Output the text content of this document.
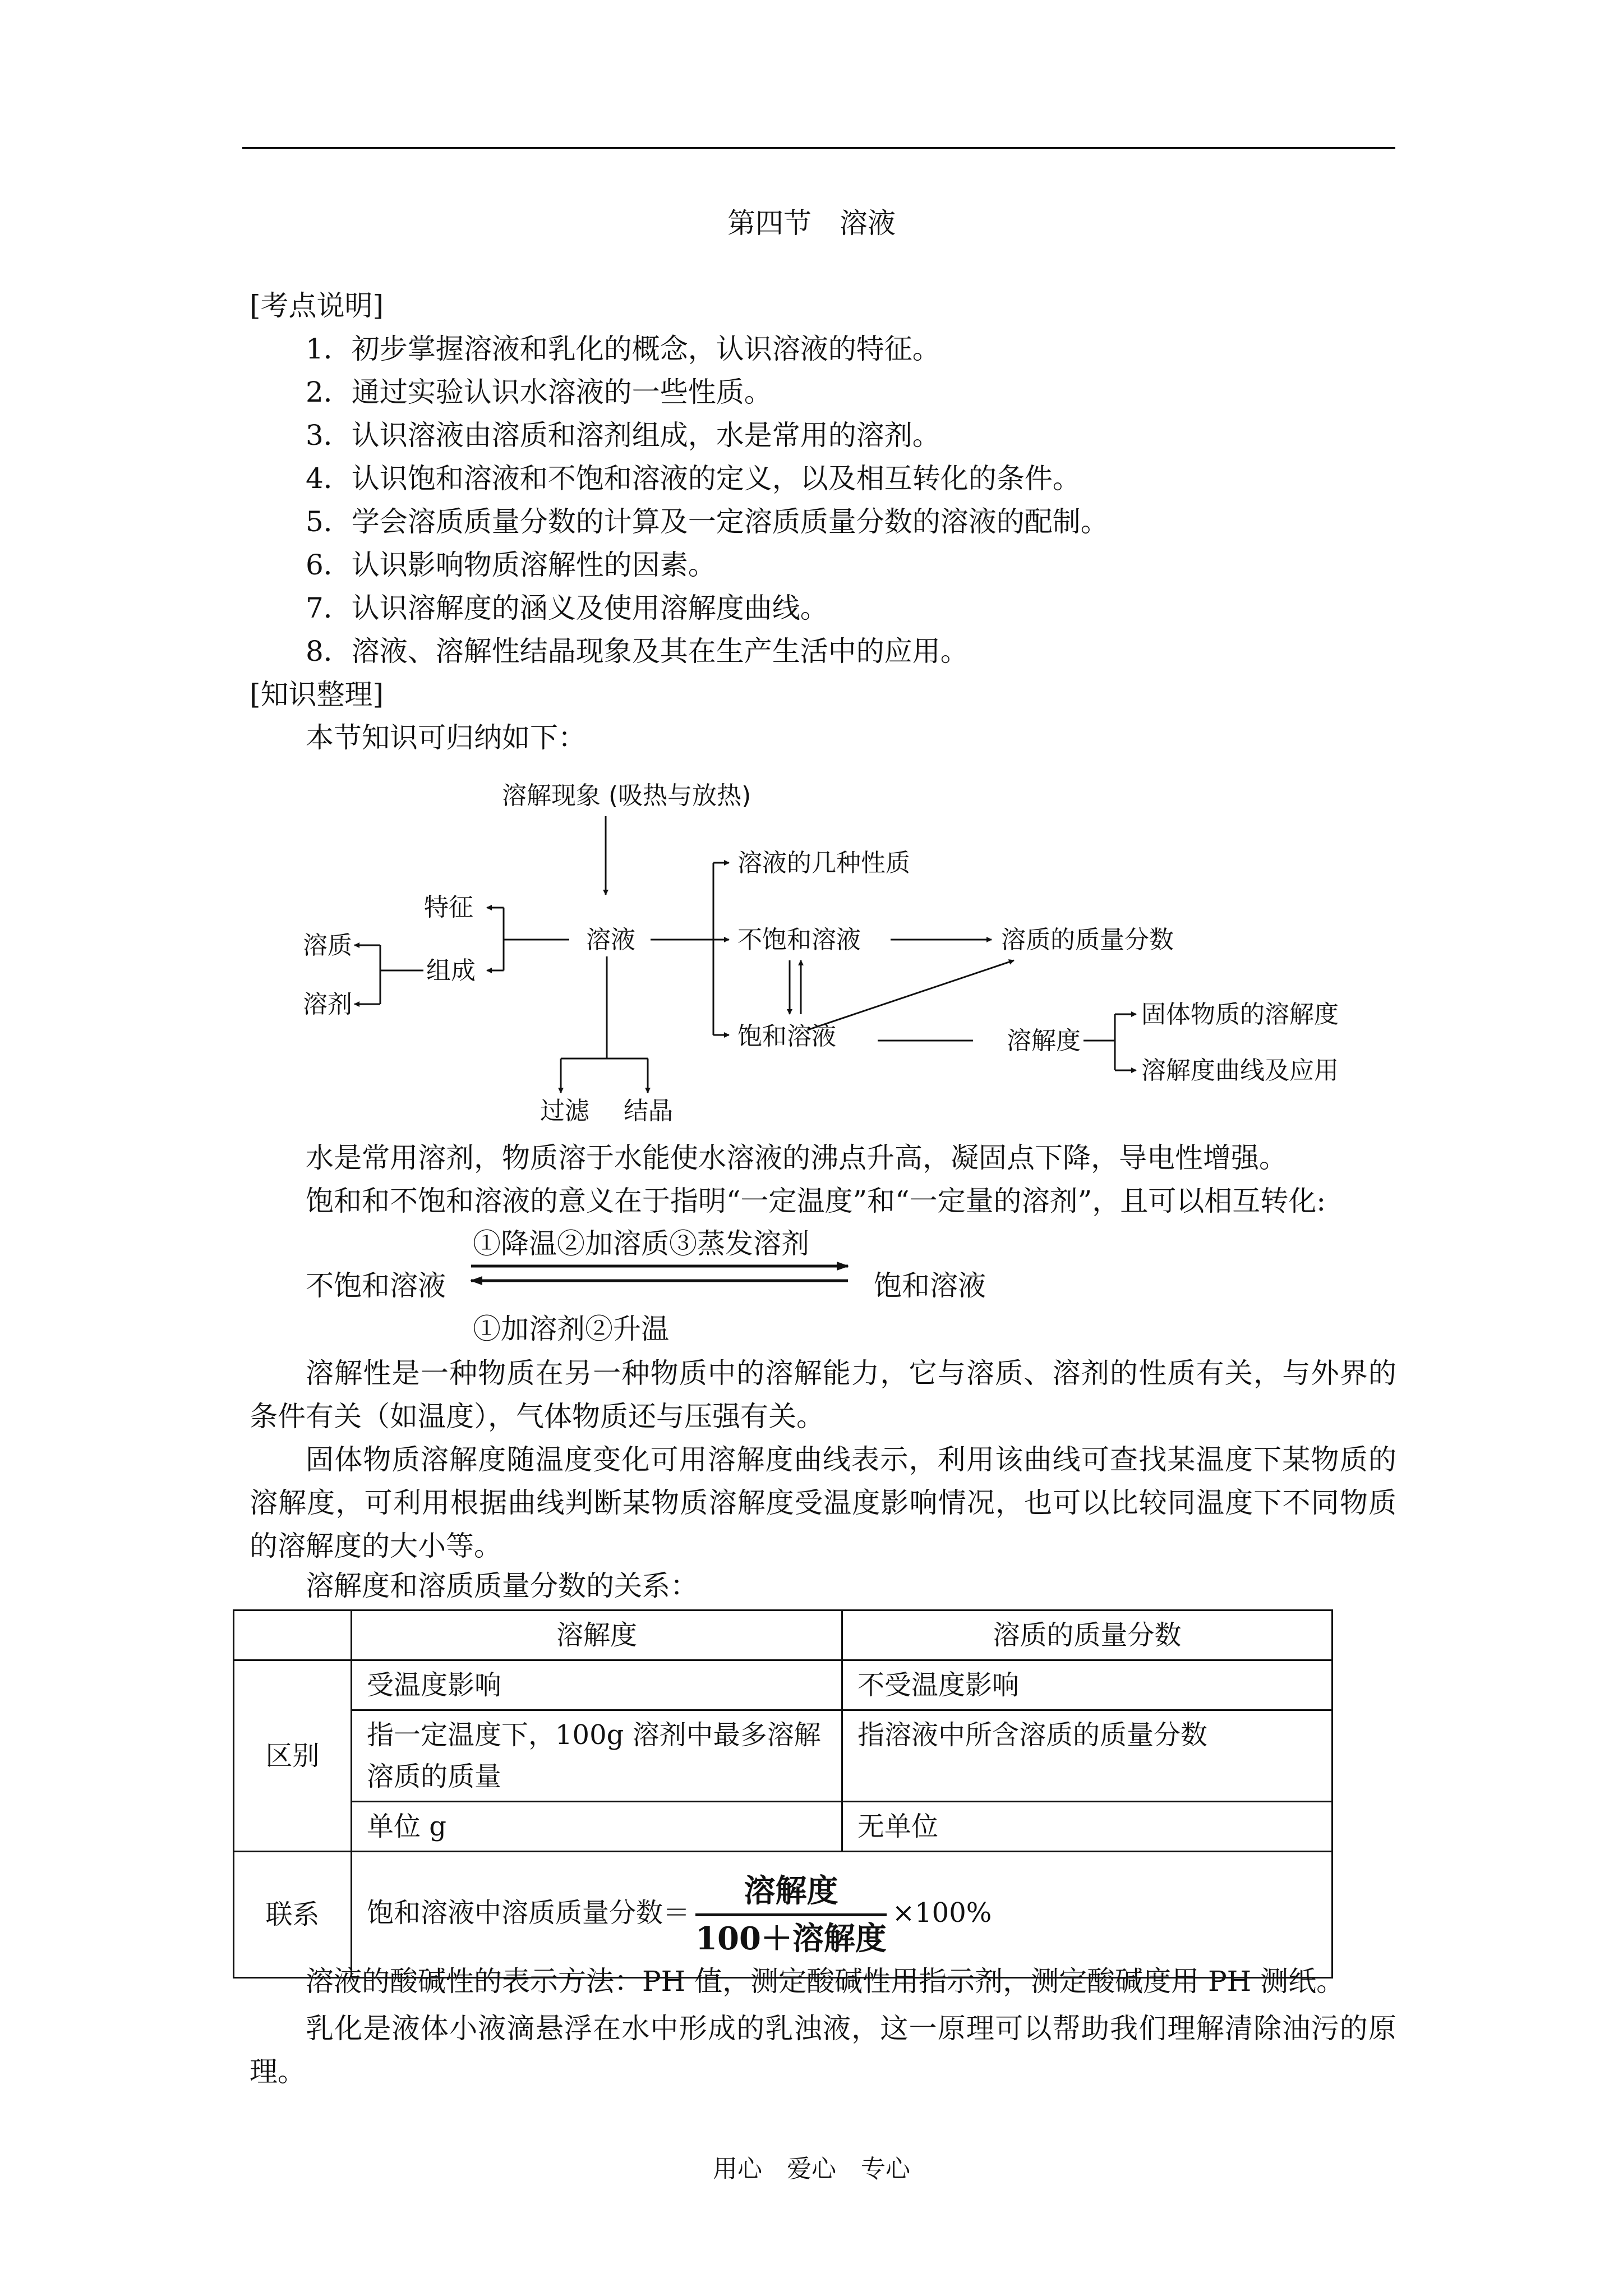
第四节　溶液
[考点说明]
1．初步掌握溶液和乳化的概念，认识溶液的特征。
2．通过实验认识水溶液的一些性质。
3．认识溶液由溶质和溶剂组成，水是常用的溶剂。
4．认识饱和溶液和不饱和溶液的定义，以及相互转化的条件。
5．学会溶质质量分数的计算及一定溶质质量分数的溶液的配制。
6．认识影响物质溶解性的因素。
7．认识溶解度的涵义及使用溶解度曲线。
8．溶液、溶解性结晶现象及其在生产生活中的应用。
[知识整理]
本节知识可归纳如下：
溶解现象 (吸热与放热)
溶液
特征
组成
溶质
溶剂
过滤 结晶
溶液的几种性质
不饱和溶液
饱和溶液
溶质的质量分数
溶解度
固体物质的溶解度
溶解度曲线及应用
水是常用溶剂，物质溶于水能使水溶液的沸点升高，凝固点下降，导电性增强。
饱和和不饱和溶液的意义在于指明“一定温度”和“一定量的溶剂”，且可以相互转化:
①降温②加溶质③蒸发溶剂
不饱和溶液	饱和溶液
①加溶剂②升温
溶解性是一种物质在另一种物质中的溶解能力，它与溶质、溶剂的性质有关，与外界的条件有关（如温度），气体物质还与压强有关。
固体物质溶解度随温度变化可用溶解度曲线表示，利用该曲线可查找某温度下某物质的溶解度，可利用根据曲线判断某物质溶解度受温度影响情况，也可以比较同温度下不同物质的溶解度的大小等。
溶解度和溶质质量分数的关系：
	溶解度	溶质的质量分数
区别	受温度影响	不受温度影响
	指一定温度下，100g 溶剂中最多溶解溶质的质量	指溶液中所含溶质的质量分数
	单位 g	无单位
联系	饱和溶液中溶质质量分数＝ $\frac{\text{溶解度}}{\text{100＋溶解度}} \times 100\%$	
溶液的酸碱性的表示方法：PH 值，测定酸碱性用指示剂，测定酸碱度用 PH 测纸。
乳化是液体小液滴悬浮在水中形成的乳浊液，这一原理可以帮助我们理解清除油污的原理。
用心　爱心　专心
